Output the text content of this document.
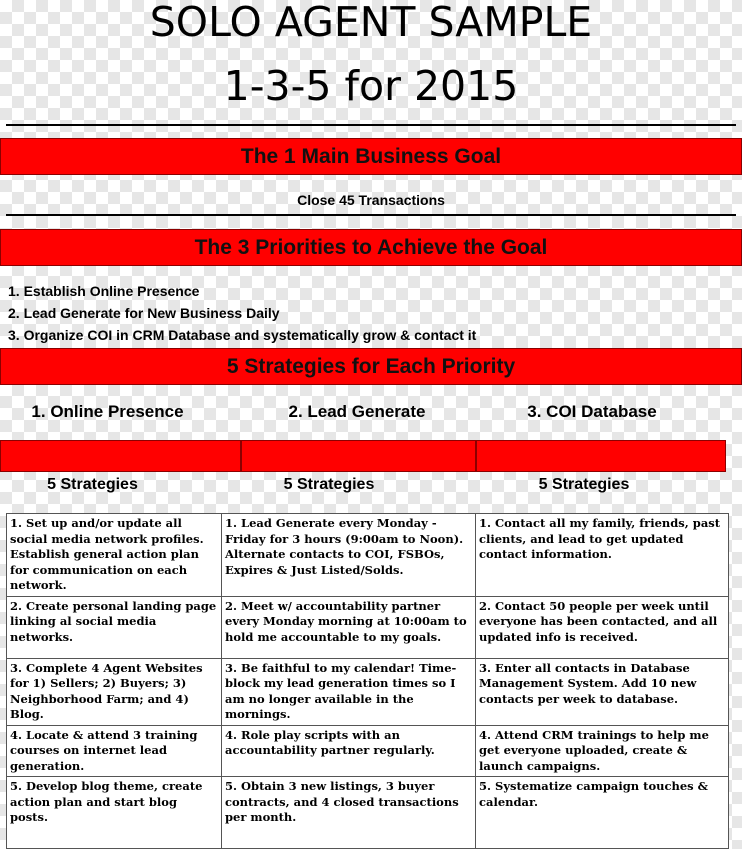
SOLO AGENT SAMPLE
1-3-5 for 2015
The 1 Main Business Goal
Close 45 Transactions
The 3 Priorities to Achieve the Goal
1. Establish Online Presence
2. Lead Generate for New Business Daily
3. Organize COI in CRM Database and systematically grow & contact it
5 Strategies for Each Priority
1. Online Presence	2. Lead Generate	3. COI Database
5 Strategies	5 Strategies	5 Strategies
1. Set up and/or update all social media network profiles. Establish general action plan for communication on each network.	1. Lead Generate every Monday - Friday for 3 hours (9:00am to Noon). Alternate contacts to COI, FSBOs, Expires & Just Listed/Solds.	1. Contact all my family, friends, past clients, and lead to get updated contact information.
2. Create personal landing page linking al social media networks.	2. Meet w/ accountability partner every Monday morning at 10:00am to hold me accountable to my goals.	2. Contact 50 people per week until everyone has been contacted, and all updated info is received.
3. Complete 4 Agent Websites for 1) Sellers; 2) Buyers; 3) Neighborhood Farm; and 4) Blog.	3. Be faithful to my calendar! Time-block my lead generation times so I am no longer available in the mornings.	3. Enter all contacts in Database Management System. Add 10 new contacts per week to database.
4. Locate & attend 3 training courses on internet lead generation.	4. Role play scripts with an accountability partner regularly.	4. Attend CRM trainings to help me get everyone uploaded, create & launch campaigns.
5. Develop blog theme, create action plan and start blog posts.	5. Obtain 3 new listings, 3 buyer contracts, and 4 closed transactions per month.	5. Systematize campaign touches & calendar.
